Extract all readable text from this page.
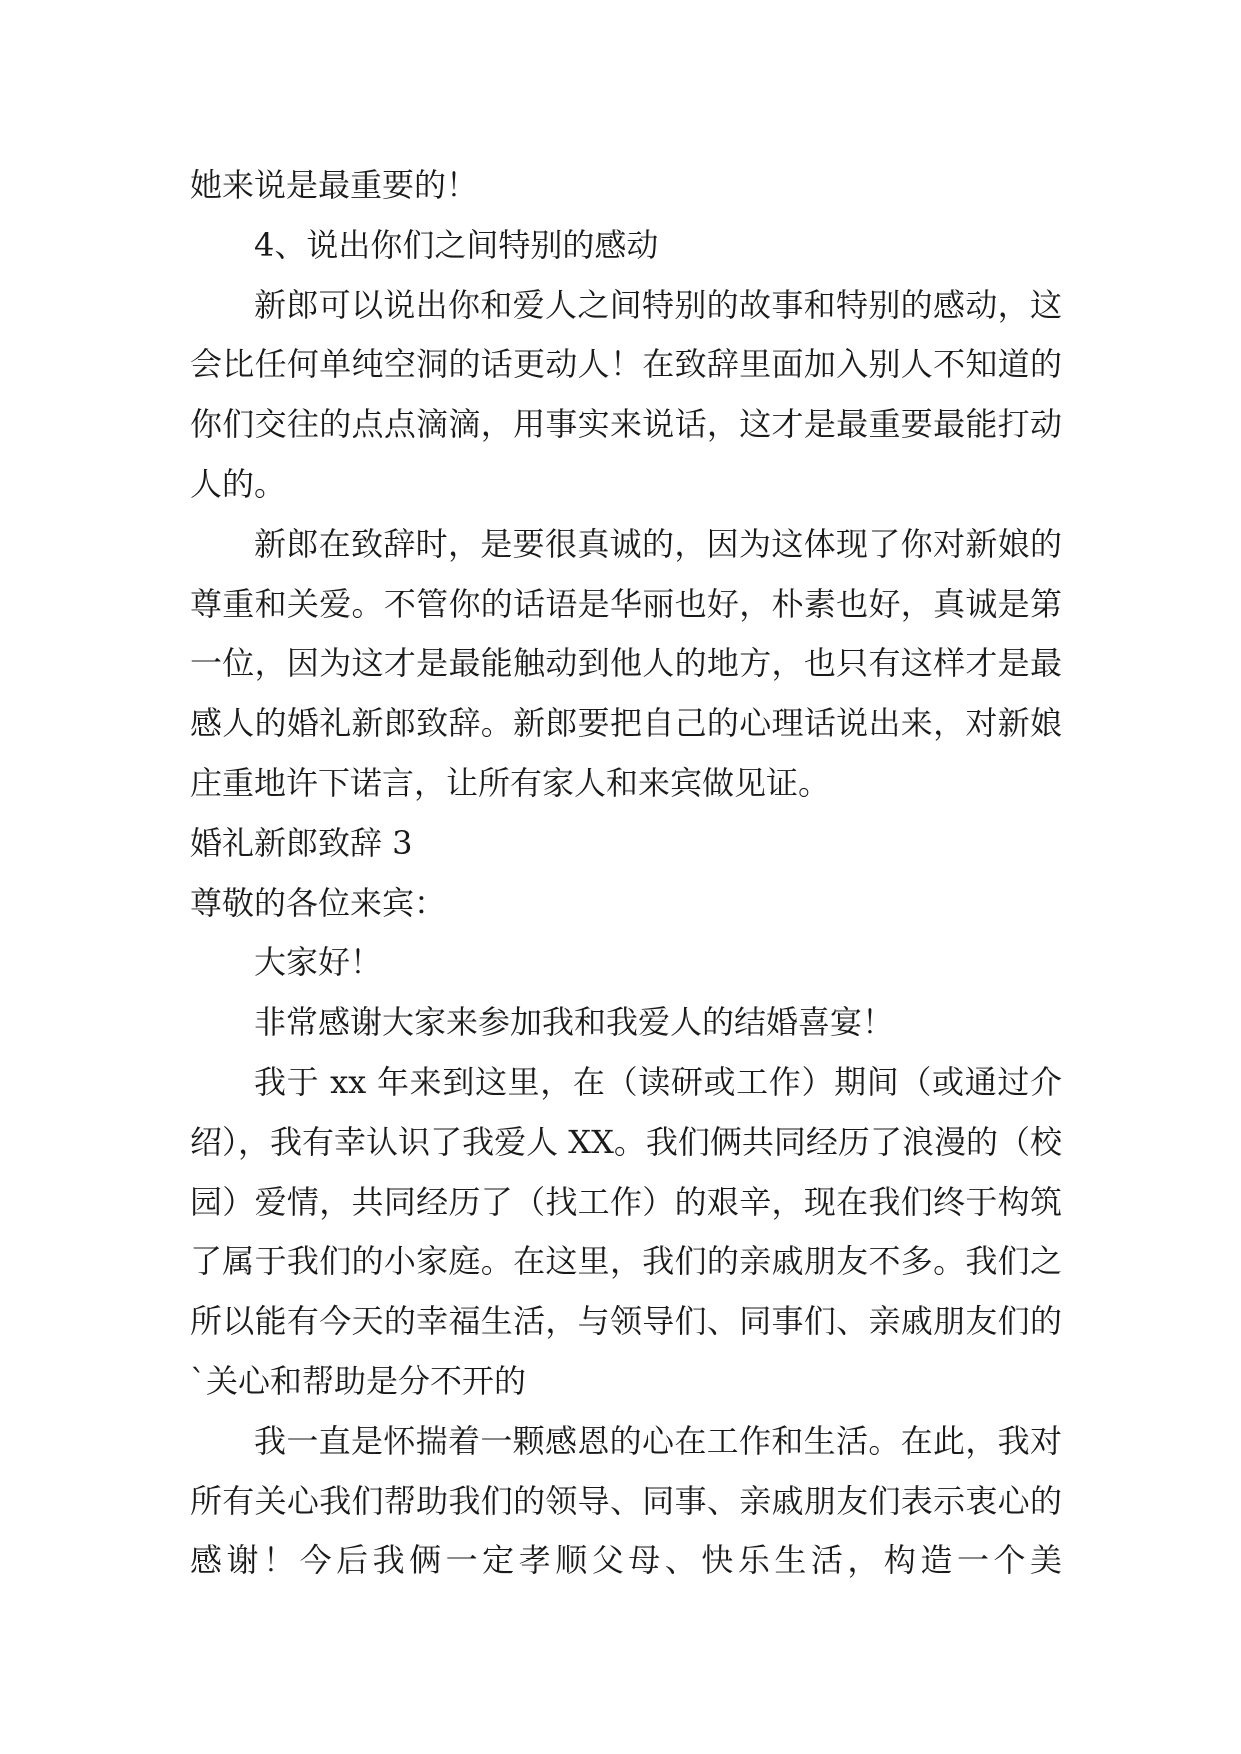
她来说是最重要的！

4、说出你们之间特别的感动

新郎可以说出你和爱人之间特别的故事和特别的感动，这会比任何单纯空洞的话更动人！在致辞里面加入别人不知道的你们交往的点点滴滴，用事实来说话，这才是最重要最能打动人的。

新郎在致辞时，是要很真诚的，因为这体现了你对新娘的尊重和关爱。不管你的话语是华丽也好，朴素也好，真诚是第一位，因为这才是最能触动到他人的地方，也只有这样才是最感人的婚礼新郎致辞。新郎要把自己的心理话说出来，对新娘庄重地许下诺言，让所有家人和来宾做见证。

婚礼新郎致辞 3

尊敬的各位来宾：

大家好！

非常感谢大家来参加我和我爱人的结婚喜宴！

我于 xx 年来到这里，在（读研或工作）期间（或通过介绍），我有幸认识了我爱人 XX。我们俩共同经历了浪漫的（校园）爱情，共同经历了（找工作）的艰辛，现在我们终于构筑了属于我们的小家庭。在这里，我们的亲戚朋友不多。我们之所以能有今天的幸福生活，与领导们、同事们、亲戚朋友们的`关心和帮助是分不开的

我一直是怀揣着一颗感恩的心在工作和生活。在此，我对所有关心我们帮助我们的领导、同事、亲戚朋友们表示衷心的感谢！今后我俩一定孝顺父母、快乐生活，构造一个美
